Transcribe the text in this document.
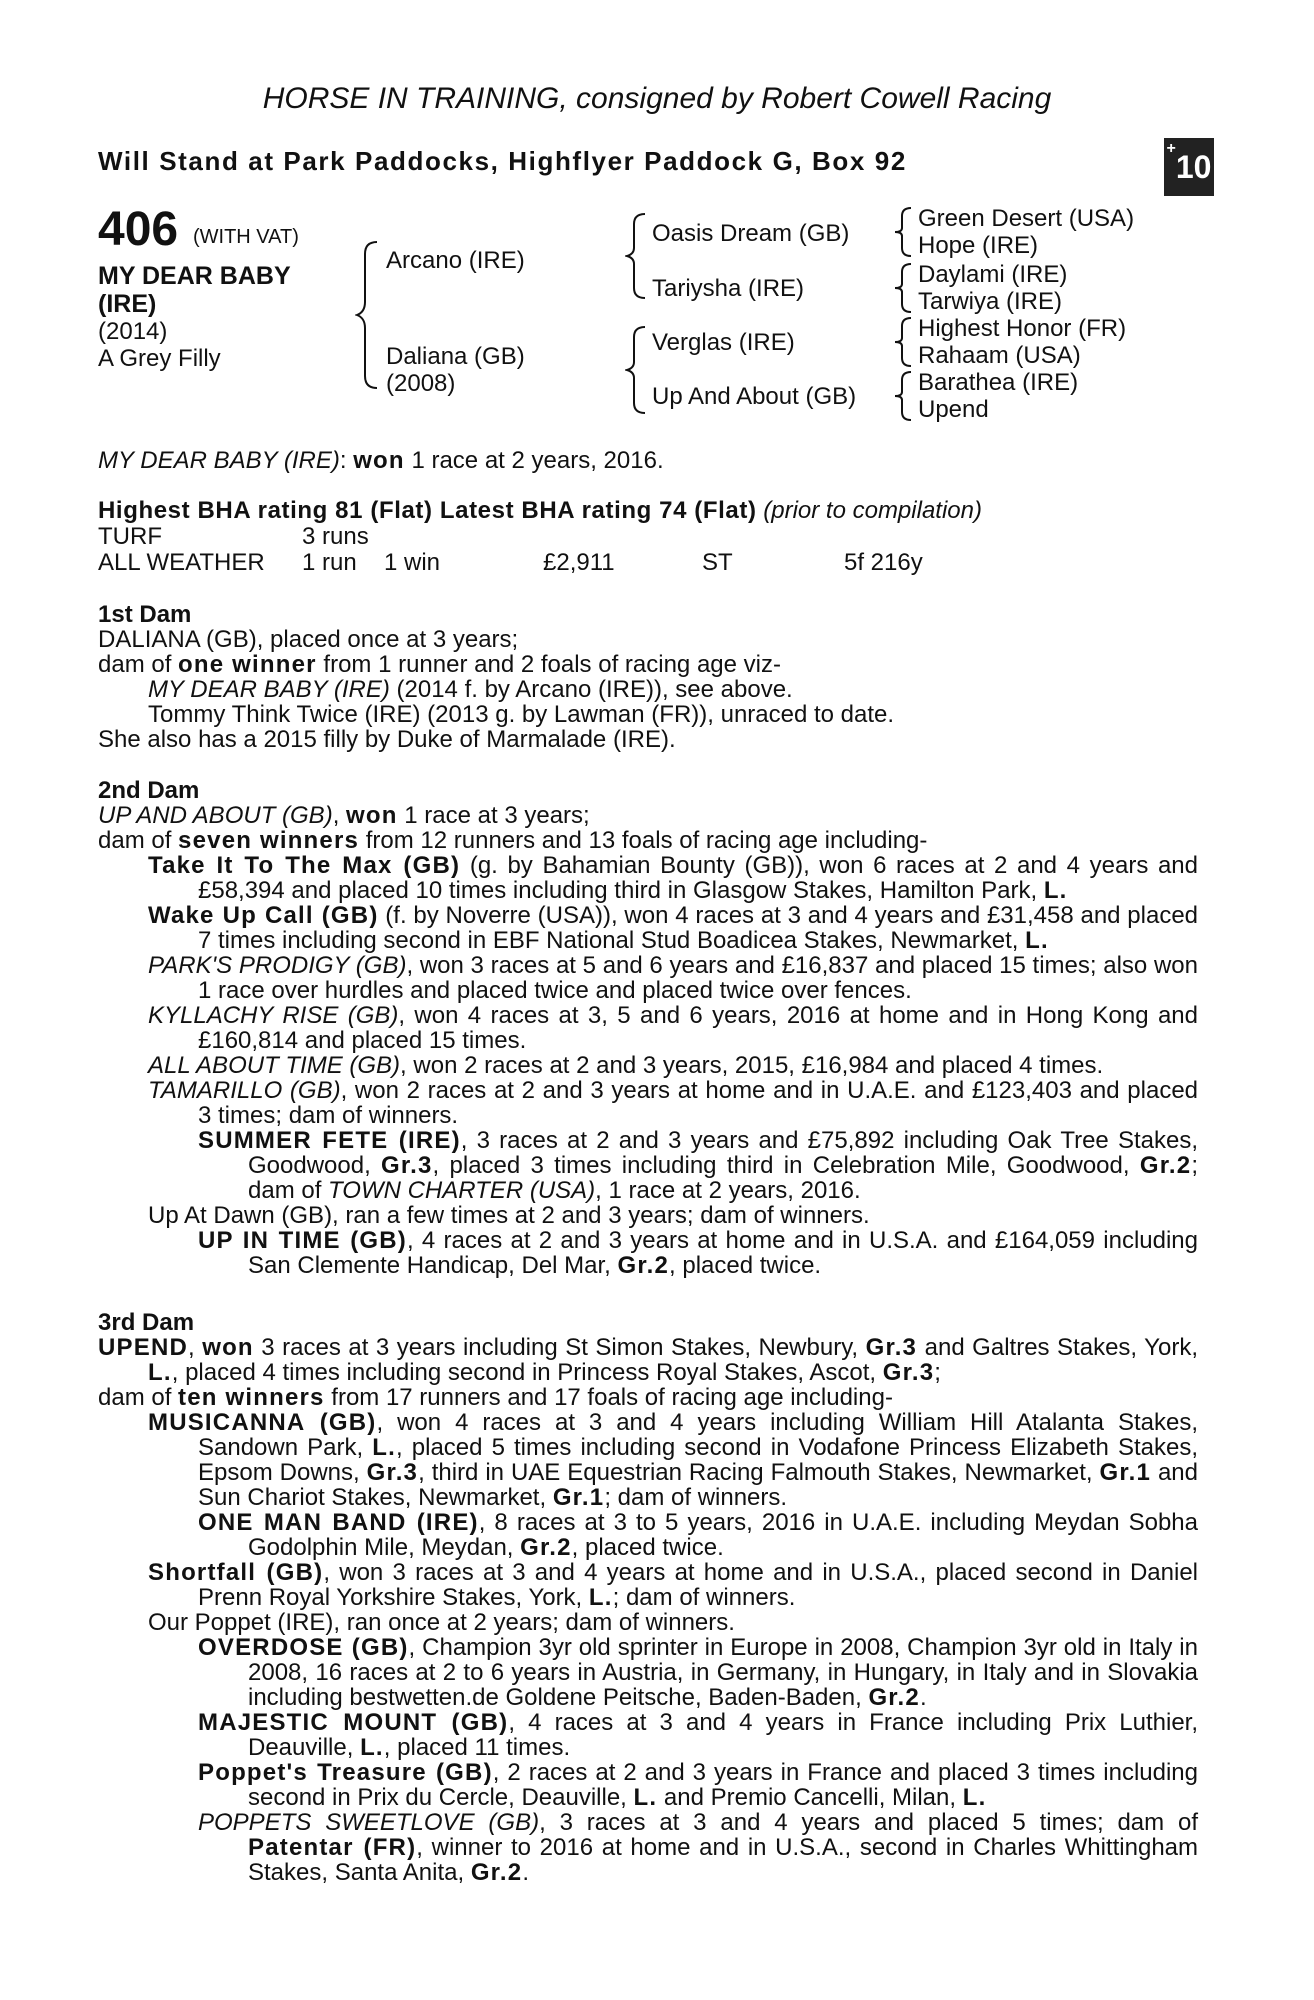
HORSE IN TRAINING, consigned by Robert Cowell Racing
Will Stand at Park Paddocks, Highflyer Paddock G, Box 92	+10
406 (WITH VAT)
MY DEAR BABY (IRE)
(2014)
A Grey Filly
Arcano (IRE)
Daliana (GB)
(2008)
Oasis Dream (GB)
Tariysha (IRE)
Verglas (IRE)
Up And About (GB)
Green Desert (USA)
Hope (IRE)
Daylami (IRE)
Tarwiya (IRE)
Highest Honor (FR)
Rahaam (USA)
Barathea (IRE)
Upend
MY DEAR BABY (IRE): won 1 race at 2 years, 2016.
Highest BHA rating 81 (Flat) Latest BHA rating 74 (Flat) (prior to compilation)
TURF	3 runs
ALL WEATHER 1 run 1 win	£2,911	ST	5f 216y

1st Dam

DALIANA (GB), placed once at 3 years;

dam of one winner from 1 runner and 2 foals of racing age viz-

MY DEAR BABY (IRE) (2014 f. by Arcano (IRE)), see above.

Tommy Think Twice (IRE) (2013 g. by Lawman (FR)), unraced to date.

She also has a 2015 filly by Duke of Marmalade (IRE).

2nd Dam

UP AND ABOUT (GB), won 1 race at 3 years;

dam of seven winners from 12 runners and 13 foals of racing age including-

Take It To The Max (GB) (g. by Bahamian Bounty (GB)), won 6 races at 2 and 4 years and £58,394 and placed 10 times including third in Glasgow Stakes, Hamilton Park, L.

Wake Up Call (GB) (f. by Noverre (USA)), won 4 races at 3 and 4 years and £31,458 and placed 7 times including second in EBF National Stud Boadicea Stakes, Newmarket, L.

PARK'S PRODIGY (GB), won 3 races at 5 and 6 years and £16,837 and placed 15 times; also won 1 race over hurdles and placed twice and placed twice over fences.

KYLLACHY RISE (GB), won 4 races at 3, 5 and 6 years, 2016 at home and in Hong Kong and £160,814 and placed 15 times.

ALL ABOUT TIME (GB), won 2 races at 2 and 3 years, 2015, £16,984 and placed 4 times.

TAMARILLO (GB), won 2 races at 2 and 3 years at home and in U.A.E. and £123,403 and placed 3 times; dam of winners.

SUMMER FETE (IRE), 3 races at 2 and 3 years and £75,892 including Oak Tree Stakes, Goodwood, Gr.3, placed 3 times including third in Celebration Mile, Goodwood, Gr.2; dam of TOWN CHARTER (USA), 1 race at 2 years, 2016.

Up At Dawn (GB), ran a few times at 2 and 3 years; dam of winners.

UP IN TIME (GB), 4 races at 2 and 3 years at home and in U.S.A. and £164,059 including San Clemente Handicap, Del Mar, Gr.2, placed twice.

3rd Dam

UPEND, won 3 races at 3 years including St Simon Stakes, Newbury, Gr.3 and Galtres Stakes, York, L., placed 4 times including second in Princess Royal Stakes, Ascot, Gr.3;

dam of ten winners from 17 runners and 17 foals of racing age including-

MUSICANNA (GB), won 4 races at 3 and 4 years including William Hill Atalanta Stakes, Sandown Park, L., placed 5 times including second in Vodafone Princess Elizabeth Stakes, Epsom Downs, Gr.3, third in UAE Equestrian Racing Falmouth Stakes, Newmarket, Gr.1 and Sun Chariot Stakes, Newmarket, Gr.1; dam of winners.

ONE MAN BAND (IRE), 8 races at 3 to 5 years, 2016 in U.A.E. including Meydan Sobha Godolphin Mile, Meydan, Gr.2, placed twice.

Shortfall (GB), won 3 races at 3 and 4 years at home and in U.S.A., placed second in Daniel Prenn Royal Yorkshire Stakes, York, L.; dam of winners.

Our Poppet (IRE), ran once at 2 years; dam of winners.

OVERDOSE (GB), Champion 3yr old sprinter in Europe in 2008, Champion 3yr old in Italy in 2008, 16 races at 2 to 6 years in Austria, in Germany, in Hungary, in Italy and in Slovakia including bestwetten.de Goldene Peitsche, Baden-Baden, Gr.2.

MAJESTIC MOUNT (GB), 4 races at 3 and 4 years in France including Prix Luthier, Deauville, L., placed 11 times.

Poppet's Treasure (GB), 2 races at 2 and 3 years in France and placed 3 times including second in Prix du Cercle, Deauville, L. and Premio Cancelli, Milan, L.

POPPETS SWEETLOVE (GB), 3 races at 3 and 4 years and placed 5 times; dam of Patentar (FR), winner to 2016 at home and in U.S.A., second in Charles Whittingham Stakes, Santa Anita, Gr.2.
